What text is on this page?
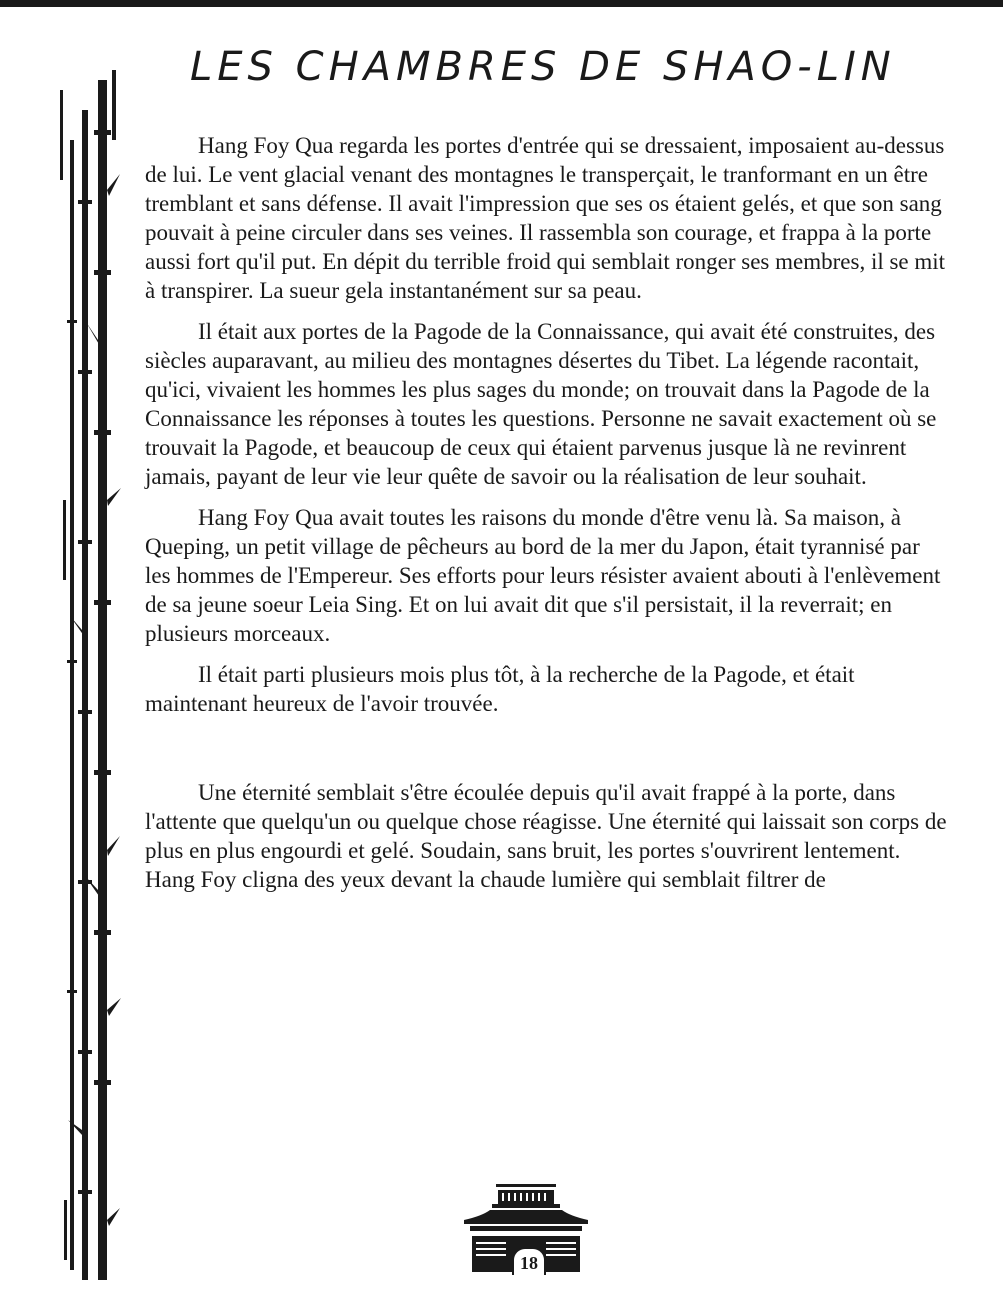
LES CHAMBRES DE SHAO-LIN

Hang Foy Qua regarda les portes d'entrée qui se dressaient, imposaient au-dessus de lui. Le vent glacial venant des montagnes le transperçait, le tranformant en un être tremblant et sans défense. Il avait l'impression que ses os étaient gelés, et que son sang pouvait à peine circuler dans ses veines. Il rassembla son courage, et frappa à la porte aussi fort qu'il put. En dépit du terrible froid qui semblait ronger ses membres, il se mit à transpirer. La sueur gela instantanément sur sa peau.

Il était aux portes de la Pagode de la Connaissance, qui avait été construites, des siècles auparavant, au milieu des montagnes désertes du Tibet. La légende racontait, qu'ici, vivaient les hommes les plus sages du monde; on trouvait dans la Pagode de la Connaissance les réponses à toutes les questions. Personne ne savait exactement où se trouvait la Pagode, et beaucoup de ceux qui étaient parvenus jusque là ne revinrent jamais, payant de leur vie leur quête de savoir ou la réalisation de leur souhait.

Hang Foy Qua avait toutes les raisons du monde d'être venu là. Sa maison, à Queping, un petit village de pêcheurs au bord de la mer du Japon, était tyrannisé par les hommes de l'Empereur. Ses efforts pour leurs résister avaient abouti à l'enlèvement de sa jeune soeur Leia Sing. Et on lui avait dit que s'il persistait, il la reverrait; en plusieurs morceaux.

Il était parti plusieurs mois plus tôt, à la recherche de la Pagode, et était maintenant heureux de l'avoir trouvée.

Une éternité semblait s'être écoulée depuis qu'il avait frappé à la porte, dans l'attente que quelqu'un ou quelque chose réagisse. Une éternité qui laissait son corps de plus en plus engourdi et gelé. Soudain, sans bruit, les portes s'ouvrirent lentement. Hang Foy cligna des yeux devant la chaude lumière qui semblait filtrer de

18
